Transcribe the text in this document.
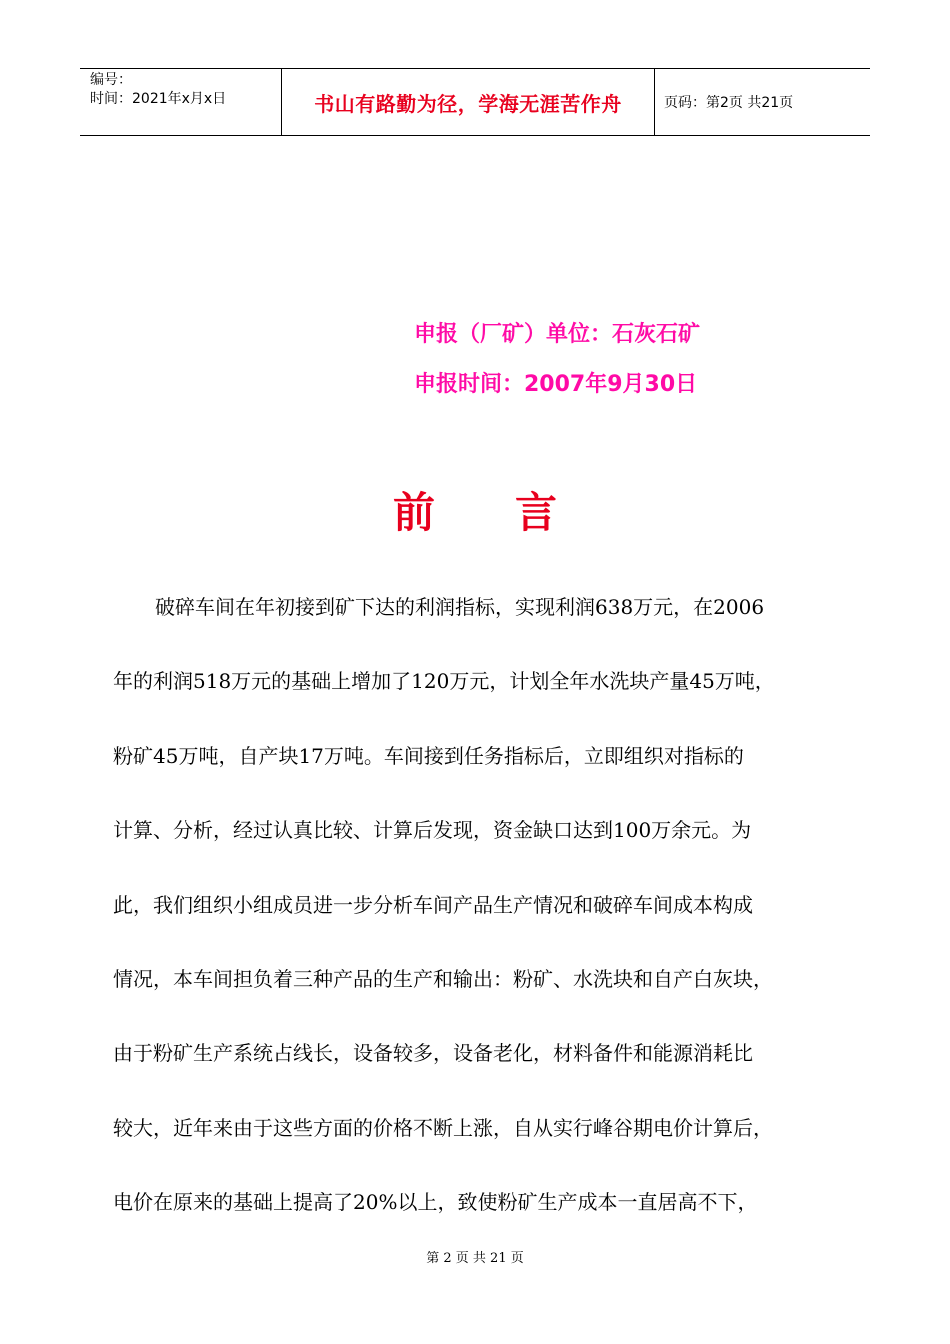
编号：
时间：2021年x月x日	书山有路勤为径，学海无涯苦作舟	页码：第2页 共21页
申报（厂矿）单位：石灰石矿
申报时间：2007年9月30日
前言
破碎车间在年初接到矿下达的利润指标，实现利润638万元，在2006
年的利润518万元的基础上增加了120万元，计划全年水洗块产量45万吨，
粉矿45万吨，自产块17万吨。车间接到任务指标后，立即组织对指标的
计算、分析，经过认真比较、计算后发现，资金缺口达到100万余元。为
此，我们组织小组成员进一步分析车间产品生产情况和破碎车间成本构成
情况，本车间担负着三种产品的生产和输出：粉矿、水洗块和自产白灰块，
由于粉矿生产系统占线长，设备较多，设备老化，材料备件和能源消耗比
较大，近年来由于这些方面的价格不断上涨，自从实行峰谷期电价计算后，
电价在原来的基础上提高了20%以上，致使粉矿生产成本一直居高不下，
第 2 页 共 21 页
